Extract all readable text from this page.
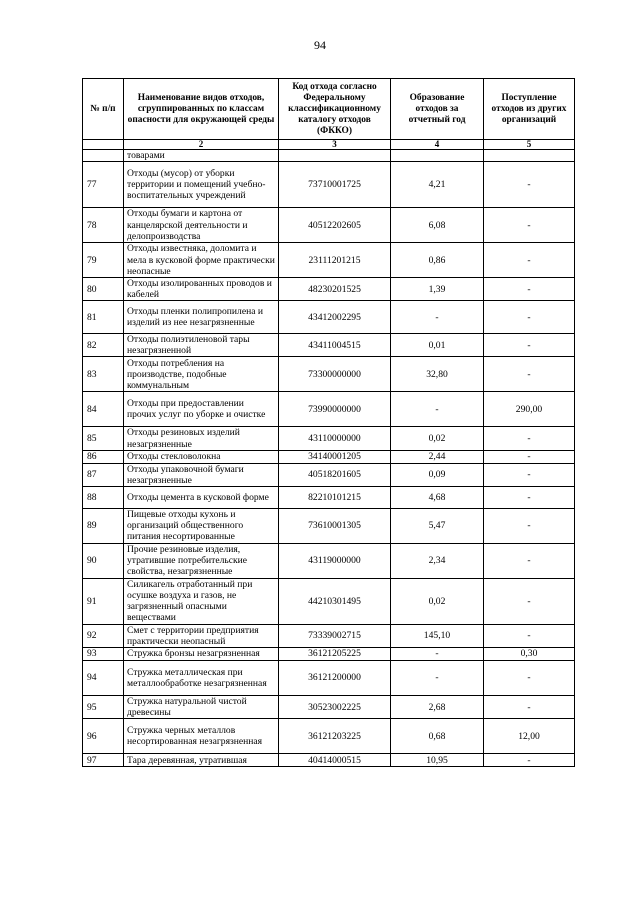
94
№ п/п	Наименование видов отходов, сгруппированных по классам опасности для окружающей среды	Код отхода согласно Федеральному классификационному каталогу отходов (ФККО)	Образование отходов за отчетный год	Поступление отходов из других организаций
	2	3	4	5
	товарами			
77	Отходы (мусор) от уборки территории и помещений учебно-воспитательных учреждений	73710001725	4,21	-
78	Отходы бумаги и картона от канцелярской деятельности и делопроизводства	40512202605	6,08	-
79	Отходы известняка, доломита и мела в кусковой форме практически неопасные	23111201215	0,86	-
80	Отходы изолированных проводов и кабелей	48230201525	1,39	-
81	Отходы пленки полипропилена и изделий из нее незагрязненные	43412002295	-	-
82	Отходы полиэтиленовой тары незагрязненной	43411004515	0,01	-
83	Отходы потребления на производстве, подобные коммунальным	73300000000	32,80	-
84	Отходы при предоставлении прочих услуг по уборке и очистке	73990000000	-	290,00
85	Отходы резиновых изделий незагрязненные	43110000000	0,02	-
86	Отходы стекловолокна	34140001205	2,44	-
87	Отходы упаковочной бумаги незагрязненные	40518201605	0,09	-
88	Отходы цемента в кусковой форме	82210101215	4,68	-
89	Пищевые отходы кухонь и организаций общественного питания несортированные	73610001305	5,47	-
90	Прочие резиновые изделия, утратившие потребительские свойства, незагрязненные	43119000000	2,34	-
91	Силикагель отработанный при осушке воздуха и газов, не загрязненный опасными веществами	44210301495	0,02	-
92	Смет с территории предприятия практически неопасный	73339002715	145,10	-
93	Стружка бронзы незагрязненная	36121205225	-	0,30
94	Стружка металлическая при металлообработке незагрязненная	36121200000	-	-
95	Стружка натуральной чистой древесины	30523002225	2,68	-
96	Стружка черных металлов несортированная незагрязненная	36121203225	0,68	12,00
97	Тара деревянная, утратившая	40414000515	10,95	-
